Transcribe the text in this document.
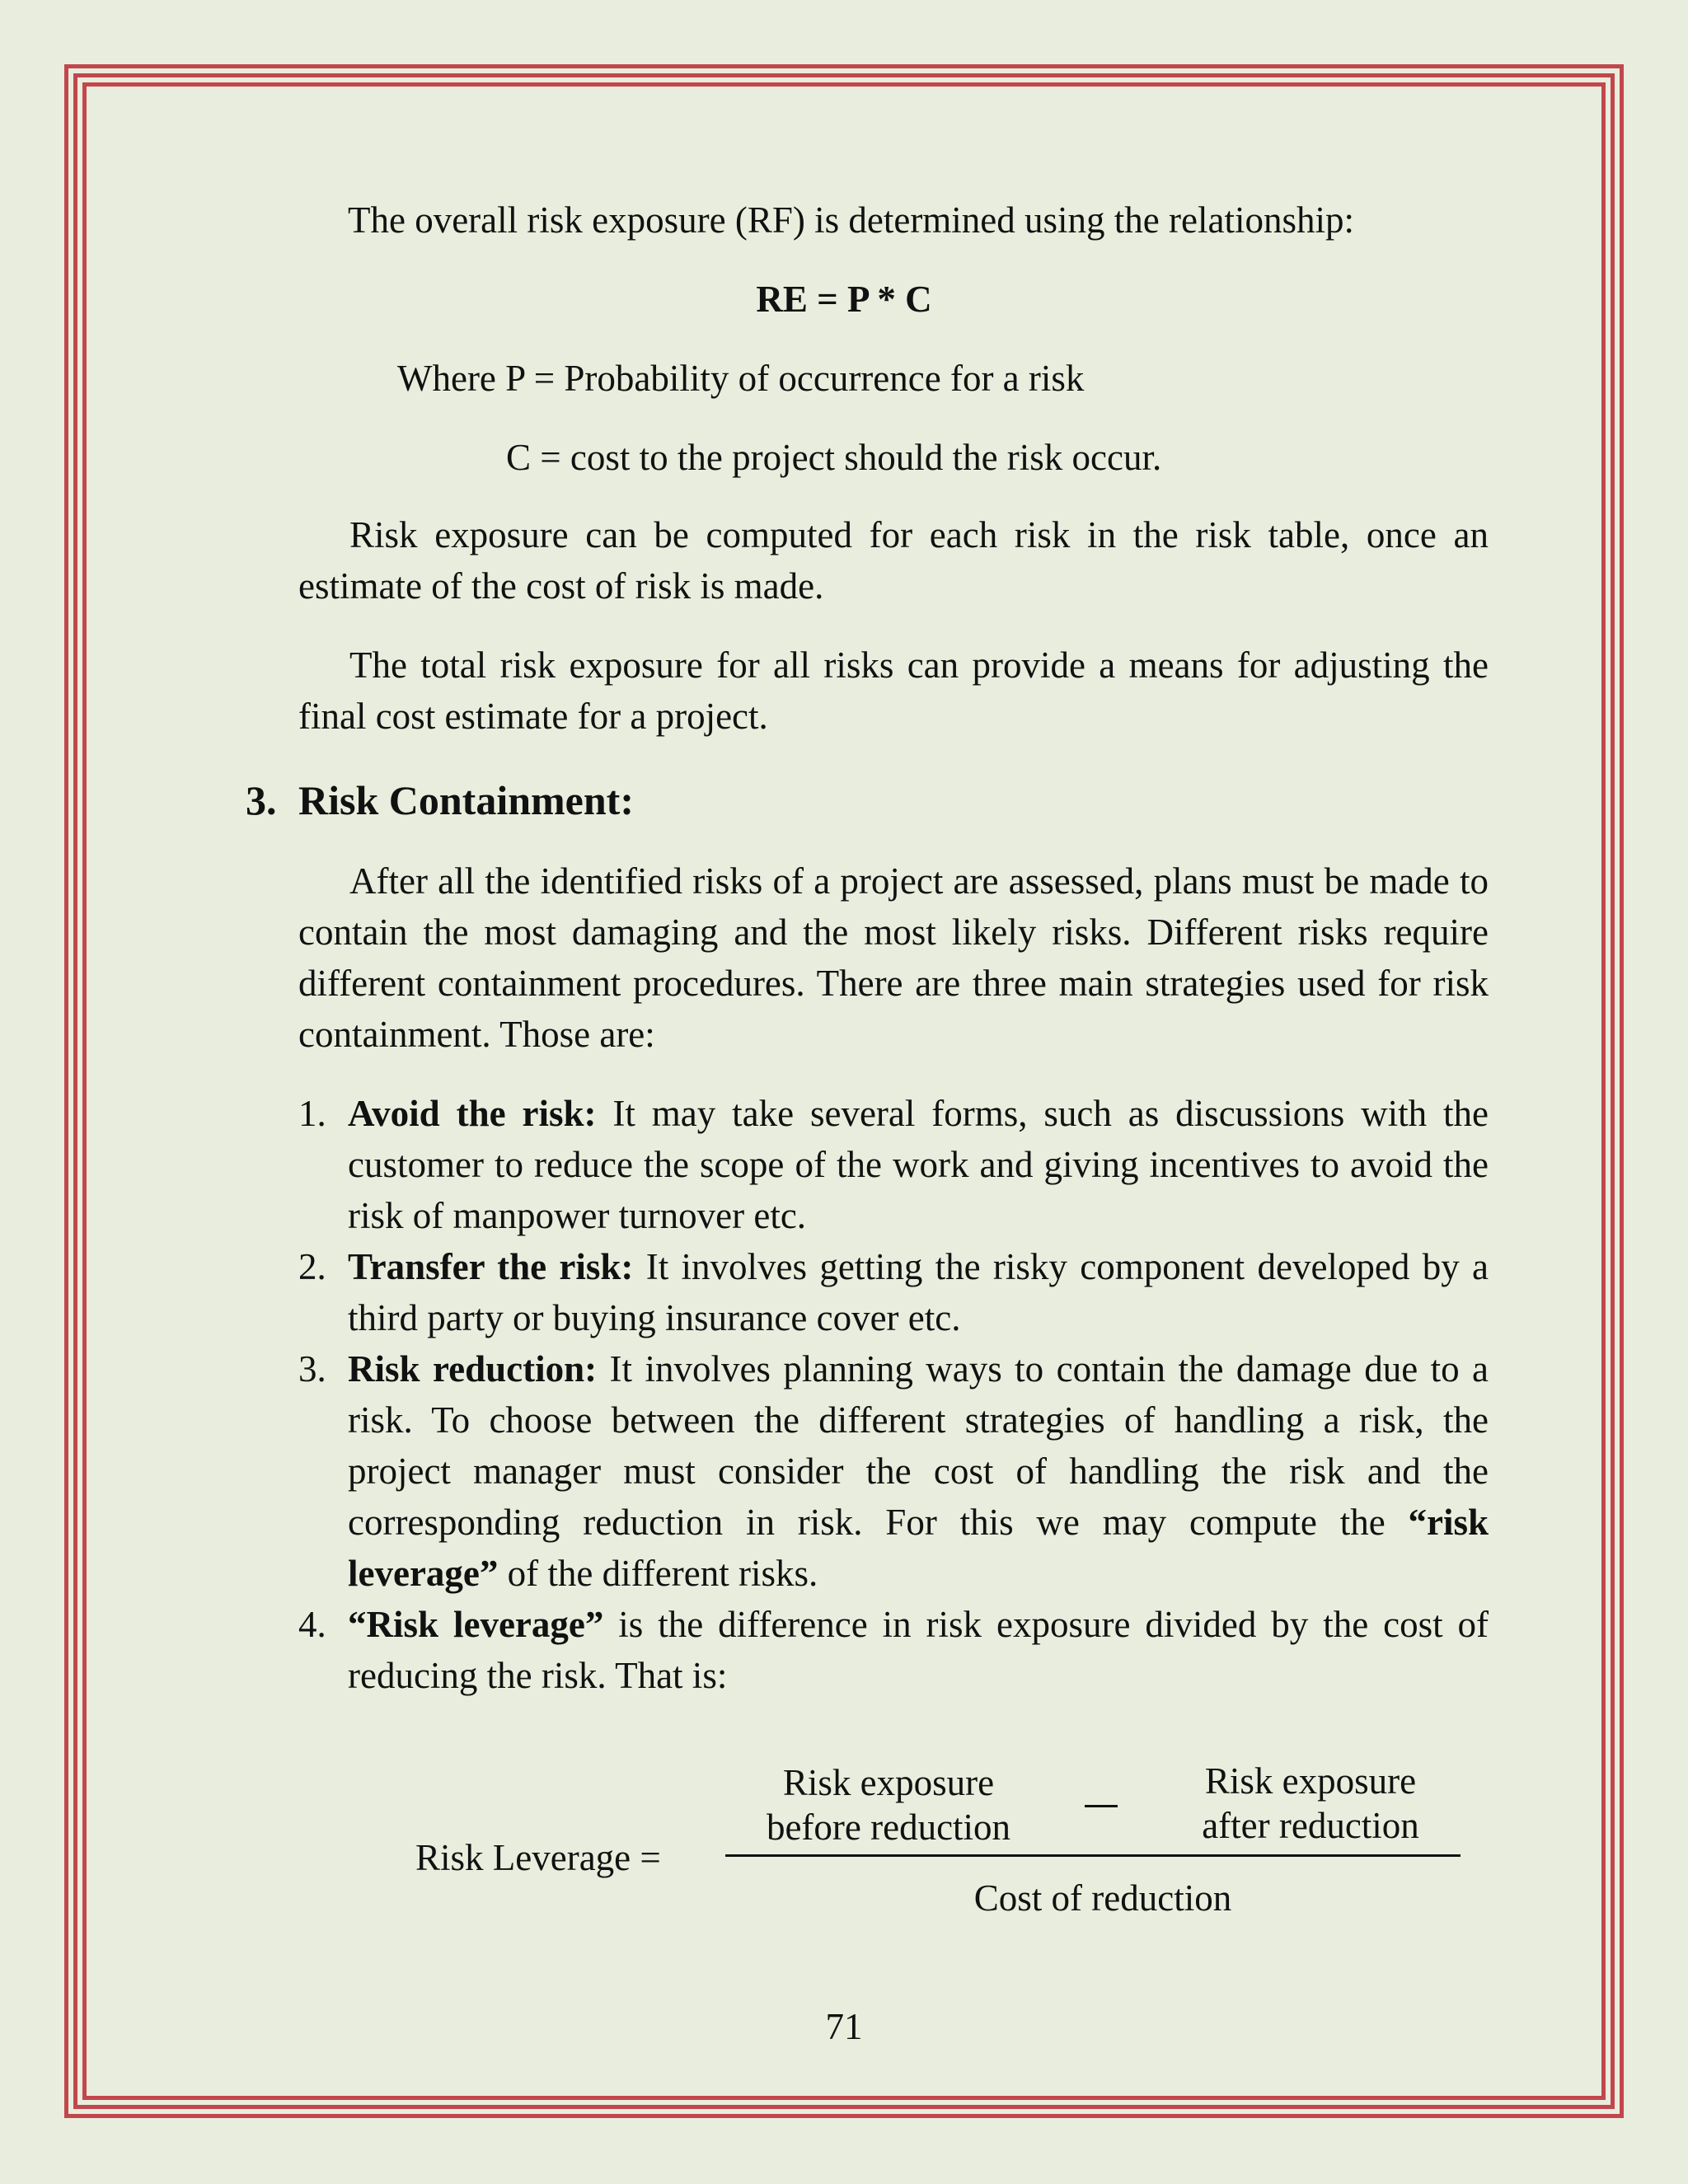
The overall risk exposure (RF) is determined using the relationship:
RE = P * C
Where P = Probability of occurrence for a risk
C = cost to the project should the risk occur.
Risk exposure can be computed for each risk in the risk table, once an estimate of the cost of risk is made.
The total risk exposure for all risks can provide a means for adjusting the final cost estimate for a project.
3. Risk Containment:
After all the identified risks of a project are assessed, plans must be made to contain the most damaging and the most likely risks. Different risks require different containment procedures. There are three main strategies used for risk containment. Those are:
1. Avoid the risk: It may take several forms, such as discussions with the customer to reduce the scope of the work and giving incentives to avoid the risk of manpower turnover etc.
2. Transfer the risk: It involves getting the risky component developed by a third party or buying insurance cover etc.
3. Risk reduction: It involves planning ways to contain the damage due to a risk. To choose between the different strategies of handling a risk, the project manager must consider the cost of handling the risk and the corresponding reduction in risk. For this we may compute the “risk leverage” of the different risks.
4. “Risk leverage” is the difference in risk exposure divided by the cost of reducing the risk. That is:
Risk Leverage =
Risk exposure
before reduction
Risk exposure
after reduction
Cost of reduction
71
